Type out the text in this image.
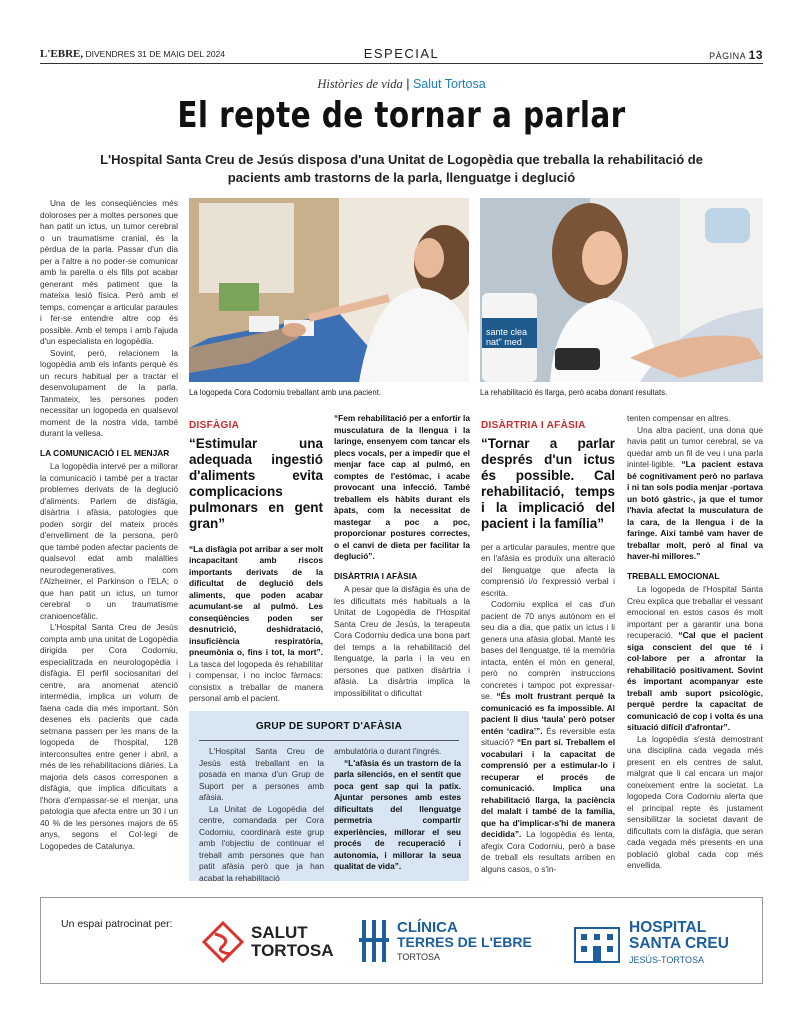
L'EBRE, DIVENDRES 31 DE MAIG DEL 2024	ESPECIAL	PÀGINA 13
Històries de vida | Salut Tortosa
El repte de tornar a parlar
L'Hospital Santa Creu de Jesús disposa d'una Unitat de Logopèdia que treballa la rehabilitació de pacients amb trastorns de la parla, llenguatge i deglució

Una de les conseqüències més doloroses per a moltes persones que han patit un ictus, un tumor cerebral o un traumatisme cranial, és la pèrdua de la parla. Passar d'un dia per a l'altre a no poder-se comunicar amb la parella o els fills pot acabar generant més patiment que la mateixa lesió física. Però amb el temps, començar a articular paraules i fer-se entendre altre cop és possible. Amb el temps i amb l'ajuda d'un especialista en logopèdia.

Sovint, però, relacionem la logopèdia amb els infants perquè és un recurs habitual per a tractar el desenvolupament de la parla. Tanmateix, les persones poden necessitar un logopeda en qualsevol moment de la nostra vida, també durant la vellesa.

LA COMUNICACIÓ I EL MENJAR

La logopèdia intervé per a millorar la comunicació i també per a tractar problemes derivats de la deglució d'aliments. Parlem de disfàgia, disàrtria i afàsia, patologies que poden sorgir del mateix procés d'envelliment de la persona, però que també poden afectar pacients de qualsevol edat amb malalties neurodegeneratives, com l'Alzheimer, el Parkinson o l'ELA; o que han patit un ictus, un tumor cerebral o un traumatisme cranioencefàlic.

L'Hospital Santa Creu de Jesús compta amb una unitat de Logopèdia dirigida per Cora Codorniu, especialitzada en neurologopèdia i disfàgia. El perfil sociosanitari del centre, ara anomenat atenció intermèdia, implica un volum de faena cada dia més important. Són desenes els pacients que cada setmana passen per les mans de la logopeda de l'hospital, 128 interconsultes entre gener i abril, a més de les rehabilitacions diàries. La majoria dels casos corresponen a disfàgia, que implica dificultats a l'hora d'empassar-se el menjar, una patologia que afecta entre un 30 i un 40 % de les persones majors de 65 anys, segons el Col·legi de Logopedes de Catalunya.

La logopeda Cora Codorniu treballant amb una pacient.
sante clea
nat" med
La rehabilitació és llarga, però acaba donant resultats.
DISFÀGIA
“Estimular una adequada ingestió d'aliments evita complicacions pulmonars en gent gran”

“La disfàgia pot arribar a ser molt incapacitant amb riscos importants derivats de la dificultat de deglució dels aliments, que poden acabar acumulant-se al pulmó. Les conseqüències poden ser desnutrició, deshidratació, insuficiència respiratòria, pneumònia o, fins i tot, la mort”. La tasca del logopeda és rehabilitar i compensar, i no incloc fàrmacs: consistix a treballar de manera personal amb el pacient.

“Fem rehabilitació per a enfortir la musculatura de la llengua i la laringe, ensenyem com tancar els plecs vocals, per a impedir que el menjar face cap al pulmó, en comptes de l'estómac, i acabe provocant una infecció. També treballem els hàbits durant els àpats, com la necessitat de mastegar a poc a poc, proporcionar postures correctes, o el canvi de dieta per facilitar la deglució”.

DISÀRTRIA I AFÀSIA

A pesar que la disfàgia és una de les dificultats més habituals a la Unitat de Logopèdia de l'Hospital Santa Creu de Jesús, la terapeuta Cora Codorniu dedica una bona part del temps a la rehabilitació del llenguatge, la parla i la veu en persones que patixen disàrtria i afàsia. La disàrtria implica la impossibilitat o dificultat

GRUP DE SUPORT D'AFÀSIA

L'Hospital Santa Creu de Jesús està treballant en la posada en marxa d'un Grup de Suport per a persones amb afàsia.

La Unitat de Logopèdia del centre, comandada per Cora Codorniu, coordinarà este grup amb l'objectiu de continuar el treball amb persones que han patit afàsia però que ja han acabat la rehabilitació

ambulatòria o durant l'ingrés.

“L'afàsia és un trastorn de la parla silenciós, en el sentit que poca gent sap qui la patix. Ajuntar persones amb estes dificultats del llenguatge permetria compartir experiències, millorar el seu procés de recuperació i autonomia, i millorar la seua qualitat de vida”.

DISÀRTRIA I AFÀSIA
“Tornar a parlar després d'un ictus és possible. Cal rehabilitació, temps i la implicació del pacient i la família”

per a articular paraules, mentre que en l'afàsia es produïx una alteració del llenguatge que afecta la comprensió i/o l'expressió verbal i escrita.

Codorniu explica el cas d'un pacient de 70 anys autònom en el seu dia a dia, que patix un ictus i li genera una afàsia global. Manté les bases del llenguatge, té la memòria intacta, entén el món en general, però no comprèn instruccions concretes i tampoc pot expressar-se. “És molt frustrant perquè la comunicació es fa impossible. Al pacient li dius ‘taula’ però potser entén ‘cadira’”. És reversible esta situació? “En part sí. Treballem el vocabulari i la capacitat de comprensió per a estimular-lo i recuperar el procés de comunicació. Implica una rehabilitació llarga, la paciència del malalt i també de la família, que ha d'implicar-s'hi de manera decidida”. La logopèdia és lenta, afegix Cora Codorniu, però a base de treball els resultats arriben en alguns casos, o s'in-

tenten compensar en altres.

Una altra pacient, una dona que havia patit un tumor cerebral, se va quedar amb un fil de veu i una parla inintel·ligible. “La pacient estava bé cognitivament però no parlava i ni tan sols podia menjar -portava un botó gàstric-, ja que el tumor l'havia afectat la musculatura de la cara, de la llengua i de la faringe. Així també vam haver de treballar molt, però al final va haver-hi millores.”

TREBALL EMOCIONAL

La logopeda de l'Hospital Santa Creu explica que treballar el vessant emocional en estos casos és molt important per a garantir una bona recuperació. “Cal que el pacient siga conscient del que té i col·labore per a afrontar la rehabilitació positivament. Sovint és important acompanyar este treball amb suport psicològic, perquè perdre la capacitat de comunicació de cop i volta és una situació difícil d'afrontar”.

La logopèdia s'està demostrant una disciplina cada vegada més present en els centres de salut, malgrat que li cal encara un major coneixement entre la societat. La logopeda Cora Codorniu alerta que el principal repte és justament sensibilitzar la societat davant de dificultats com la disfàgia, que seran cada vegada més presents en una població global cada cop més envellida.

Un espai patrocinat per:	SALUT
TORTOSA
CLÍNICA
TERRES DE L'EBRE
TORTOSA
HOSPITAL
SANTA CREU
JESÚS-TORTOSA
